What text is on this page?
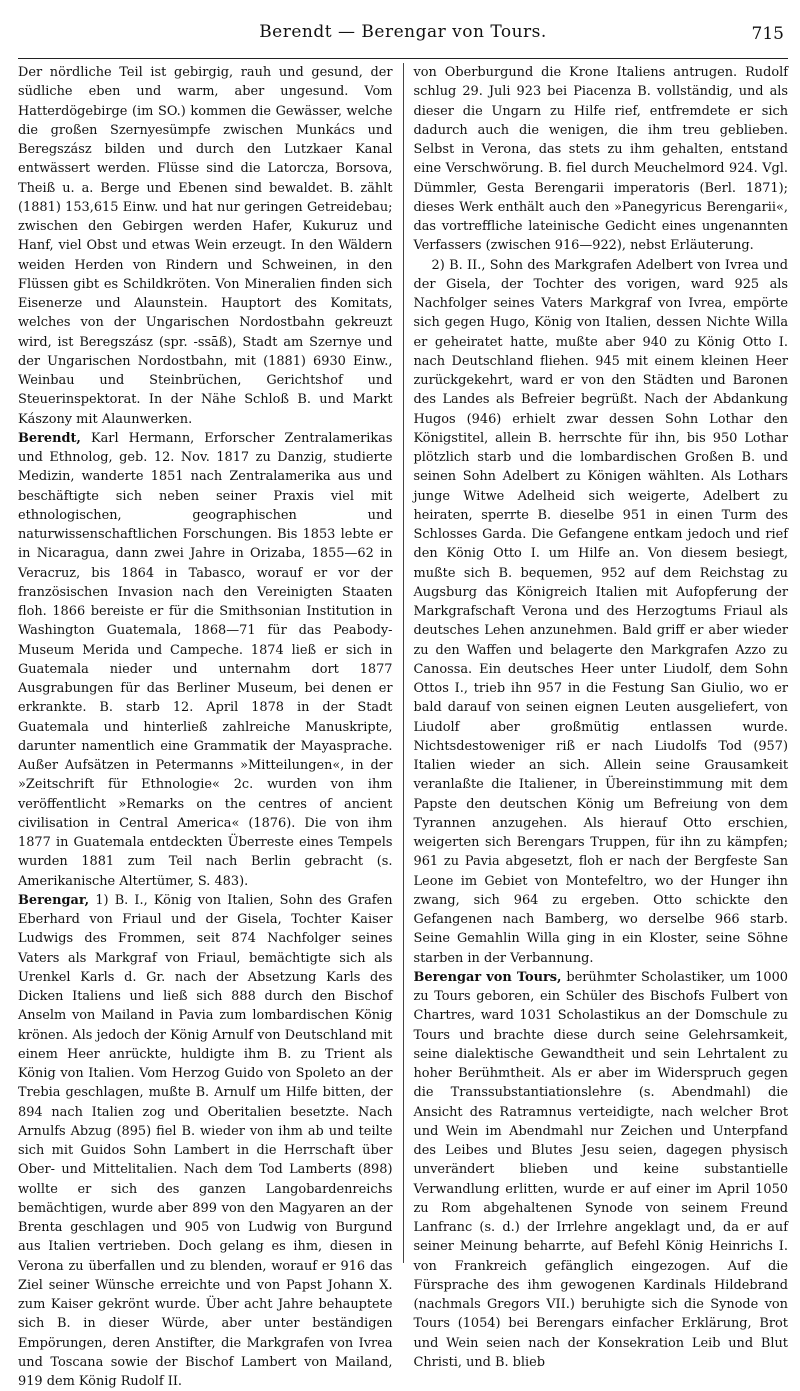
Berendt — Berengar von Tours.	715

Der nördliche Teil ist gebirgig, rauh und gesund, der südliche eben und warm, aber ungesund. Vom Hatterdögebirge (im SO.) kommen die Gewässer, welche die großen Szernyesümpfe zwischen Munkács und Beregszász bilden und durch den Lutzkaer Kanal entwässert werden. Flüsse sind die Latorcza, Borsova, Theiß u. a. Berge und Ebenen sind bewaldet. B. zählt (1881) 153,615 Einw. und hat nur geringen Getreidebau; zwischen den Gebirgen werden Hafer, Kukuruz und Hanf, viel Obst und etwas Wein erzeugt. In den Wäldern weiden Herden von Rindern und Schweinen, in den Flüssen gibt es Schildkröten. Von Mineralien finden sich Eisenerze und Alaunstein. Hauptort des Komitats, welches von der Ungarischen Nordostbahn gekreuzt wird, ist Beregszász (spr. -ssāß), Stadt am Szernye und der Ungarischen Nordostbahn, mit (1881) 6930 Einw., Weinbau und Steinbrüchen, Gerichtshof und Steuerinspektorat. In der Nähe Schloß B. und Markt Kászony mit Alaunwerken.

Berendt, Karl Hermann, Erforscher Zentralamerikas und Ethnolog, geb. 12. Nov. 1817 zu Danzig, studierte Medizin, wanderte 1851 nach Zentralamerika aus und beschäftigte sich neben seiner Praxis viel mit ethnologischen, geographischen und naturwissenschaftlichen Forschungen. Bis 1853 lebte er in Nicaragua, dann zwei Jahre in Orizaba, 1855—62 in Veracruz, bis 1864 in Tabasco, worauf er vor der französischen Invasion nach den Vereinigten Staaten floh. 1866 bereiste er für die Smithsonian Institution in Washington Guatemala, 1868—71 für das Peabody-Museum Merida und Campeche. 1874 ließ er sich in Guatemala nieder und unternahm dort 1877 Ausgrabungen für das Berliner Museum, bei denen er erkrankte. B. starb 12. April 1878 in der Stadt Guatemala und hinterließ zahlreiche Manuskripte, darunter namentlich eine Grammatik der Mayasprache. Außer Aufsätzen in Petermanns »Mitteilungen«, in der »Zeitschrift für Ethnologie« 2c. wurden von ihm veröffentlicht »Remarks on the centres of ancient civilisation in Central America« (1876). Die von ihm 1877 in Guatemala entdeckten Überreste eines Tempels wurden 1881 zum Teil nach Berlin gebracht (s. Amerikanische Altertümer, S. 483).

Berengar, 1) B. I., König von Italien, Sohn des Grafen Eberhard von Friaul und der Gisela, Tochter Kaiser Ludwigs des Frommen, seit 874 Nachfolger seines Vaters als Markgraf von Friaul, bemächtigte sich als Urenkel Karls d. Gr. nach der Absetzung Karls des Dicken Italiens und ließ sich 888 durch den Bischof Anselm von Mailand in Pavia zum lombardischen König krönen. Als jedoch der König Arnulf von Deutschland mit einem Heer anrückte, huldigte ihm B. zu Trient als König von Italien. Vom Herzog Guido von Spoleto an der Trebia geschlagen, mußte B. Arnulf um Hilfe bitten, der 894 nach Italien zog und Oberitalien besetzte. Nach Arnulfs Abzug (895) fiel B. wieder von ihm ab und teilte sich mit Guidos Sohn Lambert in die Herrschaft über Ober- und Mittelitalien. Nach dem Tod Lamberts (898) wollte er sich des ganzen Langobardenreichs bemächtigen, wurde aber 899 von den Magyaren an der Brenta geschlagen und 905 von Ludwig von Burgund aus Italien vertrieben. Doch gelang es ihm, diesen in Verona zu überfallen und zu blenden, worauf er 916 das Ziel seiner Wünsche erreichte und von Papst Johann X. zum Kaiser gekrönt wurde. Über acht Jahre behauptete sich B. in dieser Würde, aber unter beständigen Empörungen, deren Anstifter, die Markgrafen von Ivrea und Toscana sowie der Bischof Lambert von Mailand, 919 dem König Rudolf II.

von Oberburgund die Krone Italiens antrugen. Rudolf schlug 29. Juli 923 bei Piacenza B. vollständig, und als dieser die Ungarn zu Hilfe rief, entfremdete er sich dadurch auch die wenigen, die ihm treu geblieben. Selbst in Verona, das stets zu ihm gehalten, entstand eine Verschwörung. B. fiel durch Meuchelmord 924. Vgl. Dümmler, Gesta Berengarii imperatoris (Berl. 1871); dieses Werk enthält auch den »Panegyricus Berengarii«, das vortreffliche lateinische Gedicht eines ungenannten Verfassers (zwischen 916—922), nebst Erläuterung.

2) B. II., Sohn des Markgrafen Adelbert von Ivrea und der Gisela, der Tochter des vorigen, ward 925 als Nachfolger seines Vaters Markgraf von Ivrea, empörte sich gegen Hugo, König von Italien, dessen Nichte Willa er geheiratet hatte, mußte aber 940 zu König Otto I. nach Deutschland fliehen. 945 mit einem kleinen Heer zurückgekehrt, ward er von den Städten und Baronen des Landes als Befreier begrüßt. Nach der Abdankung Hugos (946) erhielt zwar dessen Sohn Lothar den Königstitel, allein B. herrschte für ihn, bis 950 Lothar plötzlich starb und die lombardischen Großen B. und seinen Sohn Adelbert zu Königen wählten. Als Lothars junge Witwe Adelheid sich weigerte, Adelbert zu heiraten, sperrte B. dieselbe 951 in einen Turm des Schlosses Garda. Die Gefangene entkam jedoch und rief den König Otto I. um Hilfe an. Von diesem besiegt, mußte sich B. bequemen, 952 auf dem Reichstag zu Augsburg das Königreich Italien mit Aufopferung der Markgrafschaft Verona und des Herzogtums Friaul als deutsches Lehen anzunehmen. Bald griff er aber wieder zu den Waffen und belagerte den Markgrafen Azzo zu Canossa. Ein deutsches Heer unter Liudolf, dem Sohn Ottos I., trieb ihn 957 in die Festung San Giulio, wo er bald darauf von seinen eignen Leuten ausgeliefert, von Liudolf aber großmütig entlassen wurde. Nichtsdestoweniger riß er nach Liudolfs Tod (957) Italien wieder an sich. Allein seine Grausamkeit veranlaßte die Italiener, in Übereinstimmung mit dem Papste den deutschen König um Befreiung von dem Tyrannen anzugehen. Als hierauf Otto erschien, weigerten sich Berengars Truppen, für ihn zu kämpfen; 961 zu Pavia abgesetzt, floh er nach der Bergfeste San Leone im Gebiet von Montefeltro, wo der Hunger ihn zwang, sich 964 zu ergeben. Otto schickte den Gefangenen nach Bamberg, wo derselbe 966 starb. Seine Gemahlin Willa ging in ein Kloster, seine Söhne starben in der Verbannung.

Berengar von Tours, berühmter Scholastiker, um 1000 zu Tours geboren, ein Schüler des Bischofs Fulbert von Chartres, ward 1031 Scholastikus an der Domschule zu Tours und brachte diese durch seine Gelehrsamkeit, seine dialektische Gewandtheit und sein Lehrtalent zu hoher Berühmtheit. Als er aber im Widerspruch gegen die Transsubstantiationslehre (s. Abendmahl) die Ansicht des Ratramnus verteidigte, nach welcher Brot und Wein im Abendmahl nur Zeichen und Unterpfand des Leibes und Blutes Jesu seien, dagegen physisch unverändert blieben und keine substantielle Verwandlung erlitten, wurde er auf einer im April 1050 zu Rom abgehaltenen Synode von seinem Freund Lanfranc (s. d.) der Irrlehre angeklagt und, da er auf seiner Meinung beharrte, auf Befehl König Heinrichs I. von Frankreich gefänglich eingezogen. Auf die Fürsprache des ihm gewogenen Kardinals Hildebrand (nachmals Gregors VII.) beruhigte sich die Synode von Tours (1054) bei Berengars einfacher Erklärung, Brot und Wein seien nach der Konsekration Leib und Blut Christi, und B. blieb
